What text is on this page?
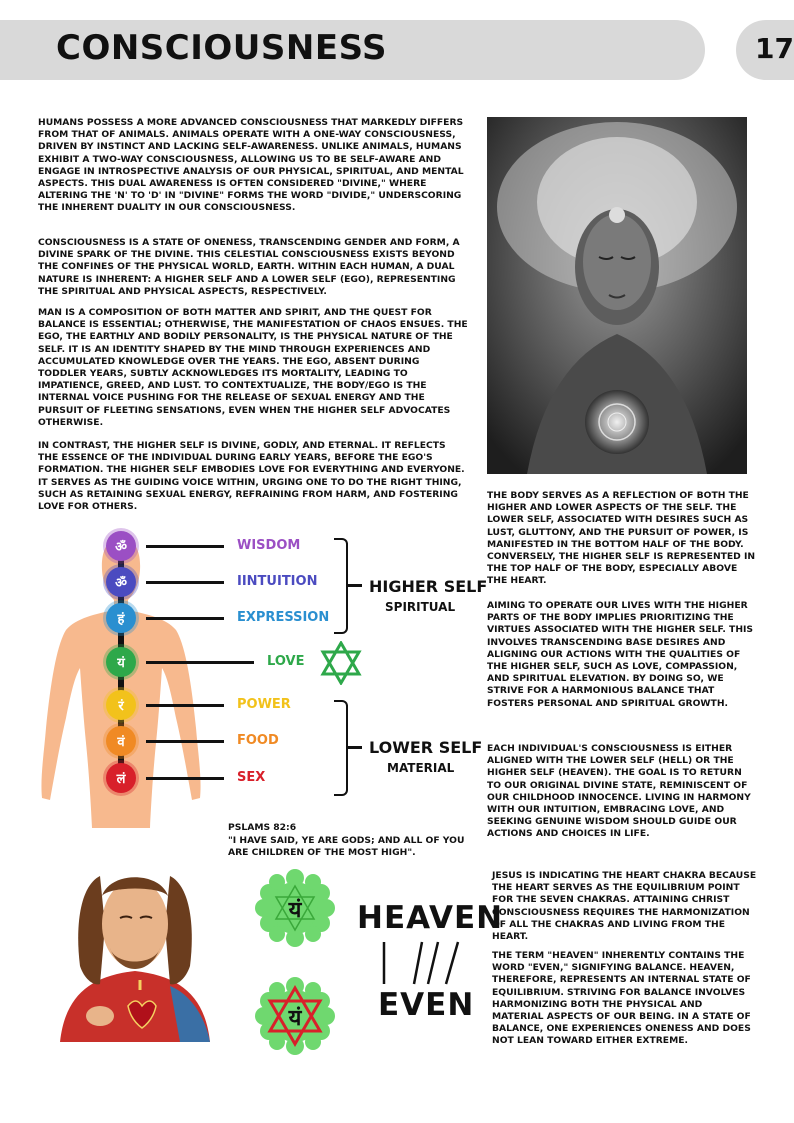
CONSCIOUSNESS	17

HUMANS POSSESS A MORE ADVANCED CONSCIOUSNESS THAT MARKEDLY DIFFERS FROM THAT OF ANIMALS. ANIMALS OPERATE WITH A ONE-WAY CONSCIOUSNESS, DRIVEN BY INSTINCT AND LACKING SELF-AWARENESS. UNLIKE ANIMALS, HUMANS EXHIBIT A TWO-WAY CONSCIOUSNESS, ALLOWING US TO BE SELF-AWARE AND ENGAGE IN INTROSPECTIVE ANALYSIS OF OUR PHYSICAL, SPIRITUAL, AND MENTAL ASPECTS. THIS DUAL AWARENESS IS OFTEN CONSIDERED "DIVINE," WHERE ALTERING THE 'N' TO 'D' IN "DIVINE" FORMS THE WORD "DIVIDE," UNDERSCORING THE INHERENT DUALITY IN OUR CONSCIOUSNESS.

CONSCIOUSNESS IS A STATE OF ONENESS, TRANSCENDING GENDER AND FORM, A DIVINE SPARK OF THE DIVINE. THIS CELESTIAL CONSCIOUSNESS EXISTS BEYOND THE CONFINES OF THE PHYSICAL WORLD, EARTH. WITHIN EACH HUMAN, A DUAL NATURE IS INHERENT: A HIGHER SELF AND A LOWER SELF (EGO), REPRESENTING THE SPIRITUAL AND PHYSICAL ASPECTS, RESPECTIVELY.

MAN IS A COMPOSITION OF BOTH MATTER AND SPIRIT, AND THE QUEST FOR BALANCE IS ESSENTIAL; OTHERWISE, THE MANIFESTATION OF CHAOS ENSUES. THE EGO, THE EARTHLY AND BODILY PERSONALITY, IS THE PHYSICAL NATURE OF THE SELF. IT IS AN IDENTITY SHAPED BY THE MIND THROUGH EXPERIENCES AND ACCUMULATED KNOWLEDGE OVER THE YEARS. THE EGO, ABSENT DURING TODDLER YEARS, SUBTLY ACKNOWLEDGES ITS MORTALITY, LEADING TO IMPATIENCE, GREED, AND LUST. TO CONTEXTUALIZE, THE BODY/EGO IS THE INTERNAL VOICE PUSHING FOR THE RELEASE OF SEXUAL ENERGY AND THE PURSUIT OF FLEETING SENSATIONS, EVEN WHEN THE HIGHER SELF ADVOCATES OTHERWISE.

IN CONTRAST, THE HIGHER SELF IS DIVINE, GODLY, AND ETERNAL. IT REFLECTS THE ESSENCE OF THE INDIVIDUAL DURING EARLY YEARS, BEFORE THE EGO'S FORMATION. THE HIGHER SELF EMBODIES LOVE FOR EVERYTHING AND EVERYONE. IT SERVES AS THE GUIDING VOICE WITHIN, URGING ONE TO DO THE RIGHT THING, SUCH AS RETAINING SEXUAL ENERGY, REFRAINING FROM HARM, AND FOSTERING LOVE FOR OTHERS.

THE BODY SERVES AS A REFLECTION OF BOTH THE HIGHER AND LOWER ASPECTS OF THE SELF. THE LOWER SELF, ASSOCIATED WITH DESIRES SUCH AS LUST, GLUTTONY, AND THE PURSUIT OF POWER, IS MANIFESTED IN THE BOTTOM HALF OF THE BODY. CONVERSELY, THE HIGHER SELF IS REPRESENTED IN THE TOP HALF OF THE BODY, ESPECIALLY ABOVE THE HEART.

AIMING TO OPERATE OUR LIVES WITH THE HIGHER PARTS OF THE BODY IMPLIES PRIORITIZING THE VIRTUES ASSOCIATED WITH THE HIGHER SELF. THIS INVOLVES TRANSCENDING BASE DESIRES AND ALIGNING OUR ACTIONS WITH THE QUALITIES OF THE HIGHER SELF, SUCH AS LOVE, COMPASSION, AND SPIRITUAL ELEVATION. BY DOING SO, WE STRIVE FOR A HARMONIOUS BALANCE THAT FOSTERS PERSONAL AND SPIRITUAL GROWTH.

EACH INDIVIDUAL'S CONSCIOUSNESS IS EITHER ALIGNED WITH THE LOWER SELF (HELL) OR THE HIGHER SELF (HEAVEN). THE GOAL IS TO RETURN TO OUR ORIGINAL DIVINE STATE, REMINISCENT OF OUR CHILDHOOD INNOCENCE. LIVING IN HARMONY WITH OUR INTUITION, EMBRACING LOVE, AND SEEKING GENUINE WISDOM SHOULD GUIDE OUR ACTIONS AND CHOICES IN LIFE.

ॐ
ॐ
हं
यं
रं
वं
लं
WISDOM
IINTUITION
EXPRESSION
LOVE
POWER
FOOD
SEX
HIGHER SELF
SPIRITUAL
LOWER SELF
MATERIAL
PSLAMS 82:6
"I HAVE SAID, YE ARE GODS; AND ALL OF YOU ARE CHILDREN OF THE MOST HIGH".
यं
यं
HEAVEN
EVEN

JESUS IS INDICATING THE HEART CHAKRA BECAUSE THE HEART SERVES AS THE EQUILIBRIUM POINT FOR THE SEVEN CHAKRAS. ATTAINING CHRIST CONSCIOUSNESS REQUIRES THE HARMONIZATION OF ALL THE CHAKRAS AND LIVING FROM THE HEART.

THE TERM "HEAVEN" INHERENTLY CONTAINS THE WORD "EVEN," SIGNIFYING BALANCE. HEAVEN, THEREFORE, REPRESENTS AN INTERNAL STATE OF EQUILIBRIUM. STRIVING FOR BALANCE INVOLVES HARMONIZING BOTH THE PHYSICAL AND MATERIAL ASPECTS OF OUR BEING. IN A STATE OF BALANCE, ONE EXPERIENCES ONENESS AND DOES NOT LEAN TOWARD EITHER EXTREME.
